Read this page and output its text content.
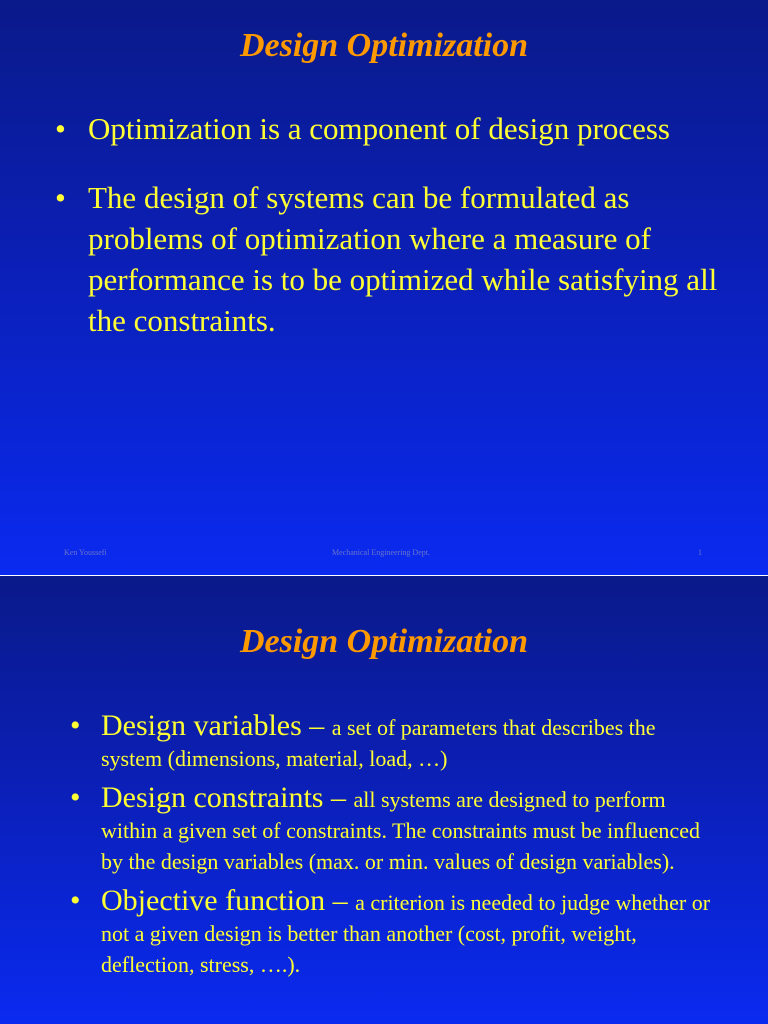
Design Optimization
• Optimization is a component of design process
• The design of systems can be formulated as problems of optimization where a measure of performance is to be optimized while satisfying all the constraints.
Ken Youssefi	Mechanical Engineering Dept.	1
Design Optimization
• Design variables – a set of parameters that describes the system (dimensions, material, load, …)
• Design constraints – all systems are designed to perform within a given set of constraints. The constraints must be influenced by the design variables (max. or min. values of design variables).
• Objective function – a criterion is needed to judge whether or not a given design is better than another (cost, profit, weight, deflection, stress, ….).
